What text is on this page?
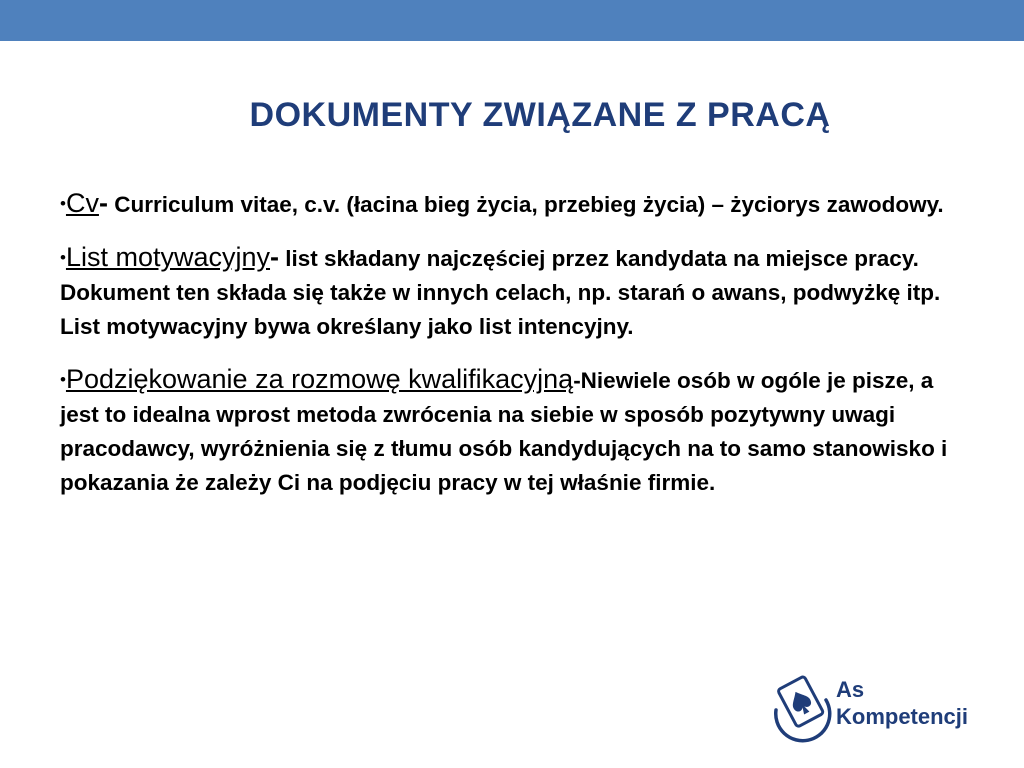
DOKUMENTY ZWIĄZANE Z PRACĄ

•Cv- Curriculum vitae, c.v. (łacina bieg życia, przebieg życia) – życiorys zawodowy.

•List motywacyjny- list składany najczęściej przez kandydata na miejsce pracy. Dokument ten składa się także w innych celach, np. starań o awans, podwyżkę itp. List motywacyjny bywa określany jako list intencyjny.

•Podziękowanie za rozmowę kwalifikacyjną-Niewiele osób w ogóle je pisze, a jest to idealna wprost metoda zwrócenia na siebie w sposób pozytywny uwagi pracodawcy, wyróżnienia się z tłumu osób kandydujących na to samo stanowisko i pokazania że zależy Ci na podjęciu pracy w tej właśnie firmie.

As
Kompetencji
